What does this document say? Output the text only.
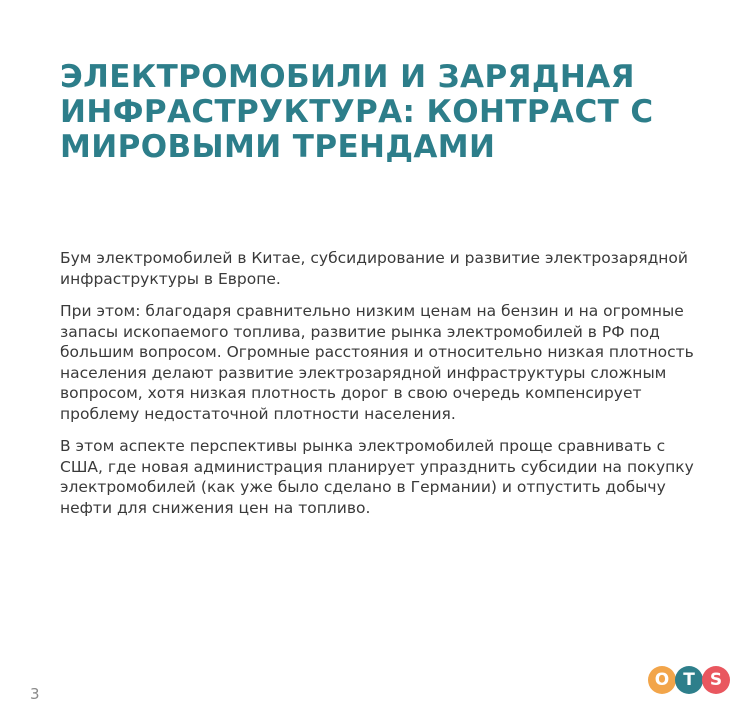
ЭЛЕКТРОМОБИЛИ И ЗАРЯДНАЯ ИНФРАСТРУКТУРА: КОНТРАСТ С МИРОВЫМИ ТРЕНДАМИ

Бум электромобилей в Китае, субсидирование и развитие электрозарядной инфраструктуры в Европе.

При этом: благодаря сравнительно низким ценам на бензин и на огромные запасы ископаемого топлива, развитие рынка электромобилей в РФ под большим вопросом. Огромные расстояния и относительно низкая плотность населения делают развитие электрозарядной инфраструктуры сложным вопросом, хотя низкая плотность дорог в свою очередь компенсирует проблему недостаточной плотности населения.

В этом аспекте перспективы рынка электромобилей проще сравнивать с США, где новая администрация планирует упразднить субсидии на покупку электромобилей (как уже было сделано в Германии) и отпустить добычу нефти для снижения цен на топливо.

3
O T S
